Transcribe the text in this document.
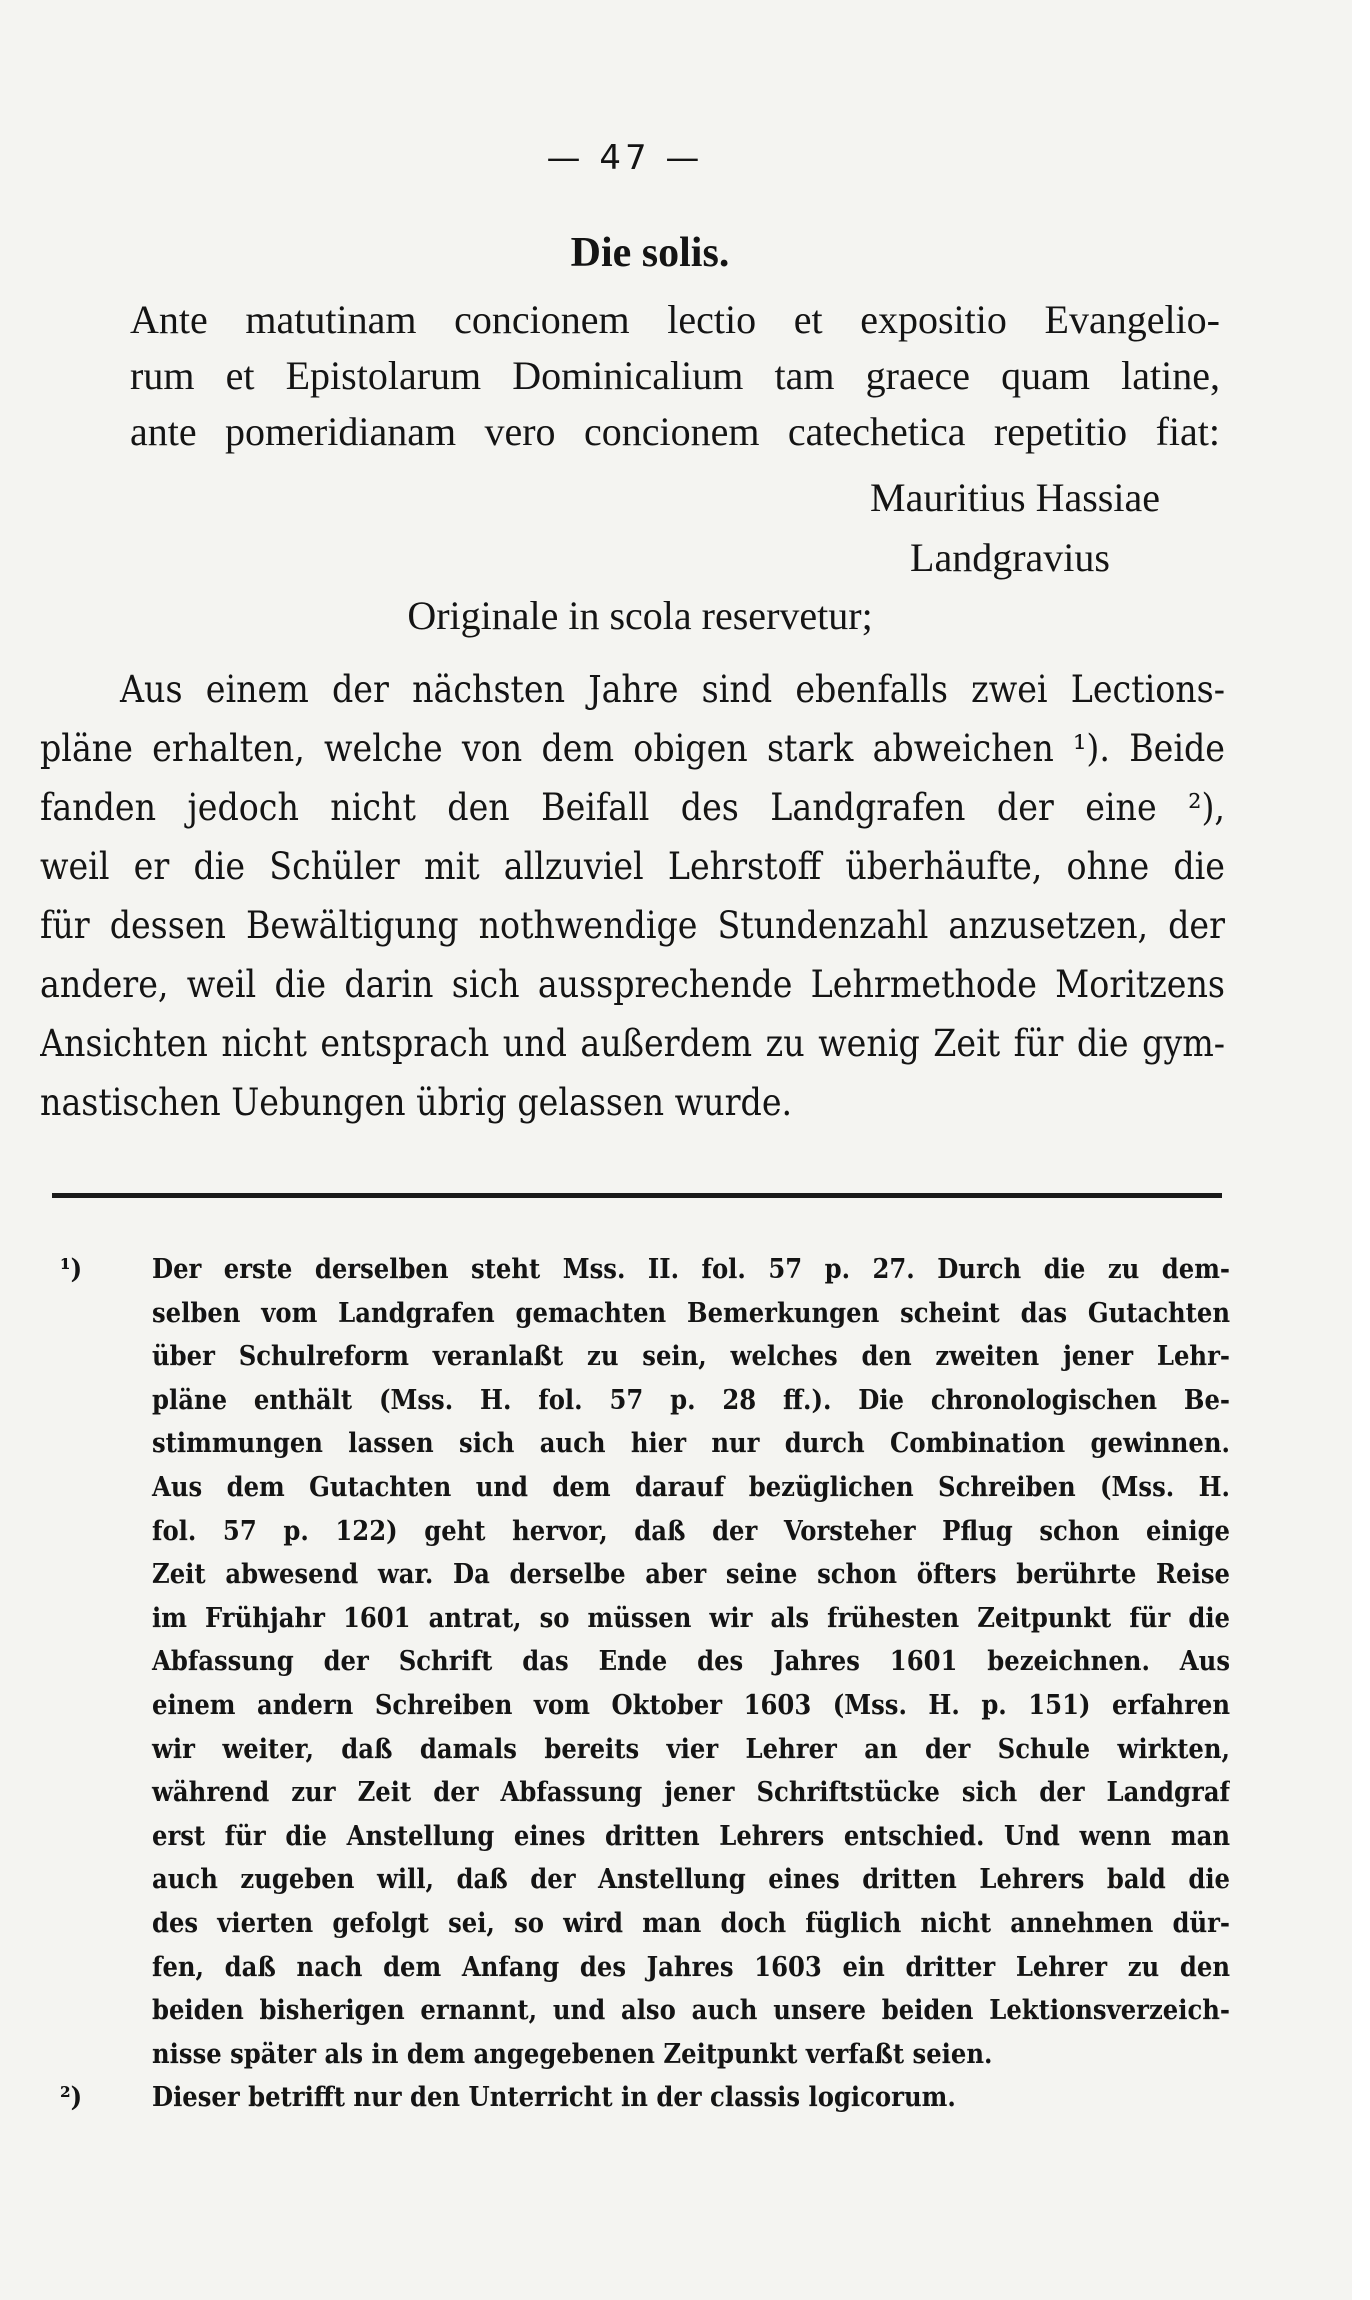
— 47 —
Die solis.
Ante matutinam concionem lectio et expositio Evangelio-
rum et Epistolarum Dominicalium tam graece quam latine,
ante pomeridianam vero concionem catechetica repetitio fiat:
Mauritius Hassiae
Landgravius
Originale in scola reservetur;
Aus einem der nächsten Jahre sind ebenfalls zwei Lections-
pläne erhalten, welche von dem obigen stark abweichen ¹). Beide
fanden jedoch nicht den Beifall des Landgrafen der eine ²),
weil er die Schüler mit allzuviel Lehrstoff überhäufte, ohne die
für dessen Bewältigung nothwendige Stundenzahl anzusetzen, der
andere, weil die darin sich aussprechende Lehrmethode Moritzens
Ansichten nicht entsprach und außerdem zu wenig Zeit für die gym-
nastischen Uebungen übrig gelassen wurde.
¹)	Der erste derselben steht Mss. II. fol. 57 p. 27. Durch die zu dem-
selben vom Landgrafen gemachten Bemerkungen scheint das Gutachten
über Schulreform veranlaßt zu sein, welches den zweiten jener Lehr-
pläne enthält (Mss. H. fol. 57 p. 28 ff.). Die chronologischen Be-
stimmungen lassen sich auch hier nur durch Combination gewinnen.
Aus dem Gutachten und dem darauf bezüglichen Schreiben (Mss. H.
fol. 57 p. 122) geht hervor, daß der Vorsteher Pflug schon einige
Zeit abwesend war. Da derselbe aber seine schon öfters berührte Reise
im Frühjahr 1601 antrat, so müssen wir als frühesten Zeitpunkt für die
Abfassung der Schrift das Ende des Jahres 1601 bezeichnen. Aus
einem andern Schreiben vom Oktober 1603 (Mss. H. p. 151) erfahren
wir weiter, daß damals bereits vier Lehrer an der Schule wirkten,
während zur Zeit der Abfassung jener Schriftstücke sich der Landgraf
erst für die Anstellung eines dritten Lehrers entschied. Und wenn man
auch zugeben will, daß der Anstellung eines dritten Lehrers bald die
des vierten gefolgt sei, so wird man doch füglich nicht annehmen dür-
fen, daß nach dem Anfang des Jahres 1603 ein dritter Lehrer zu den
beiden bisherigen ernannt, und also auch unsere beiden Lektionsverzeich-
nisse später als in dem angegebenen Zeitpunkt verfaßt seien.
²)	Dieser betrifft nur den Unterricht in der classis logicorum.
